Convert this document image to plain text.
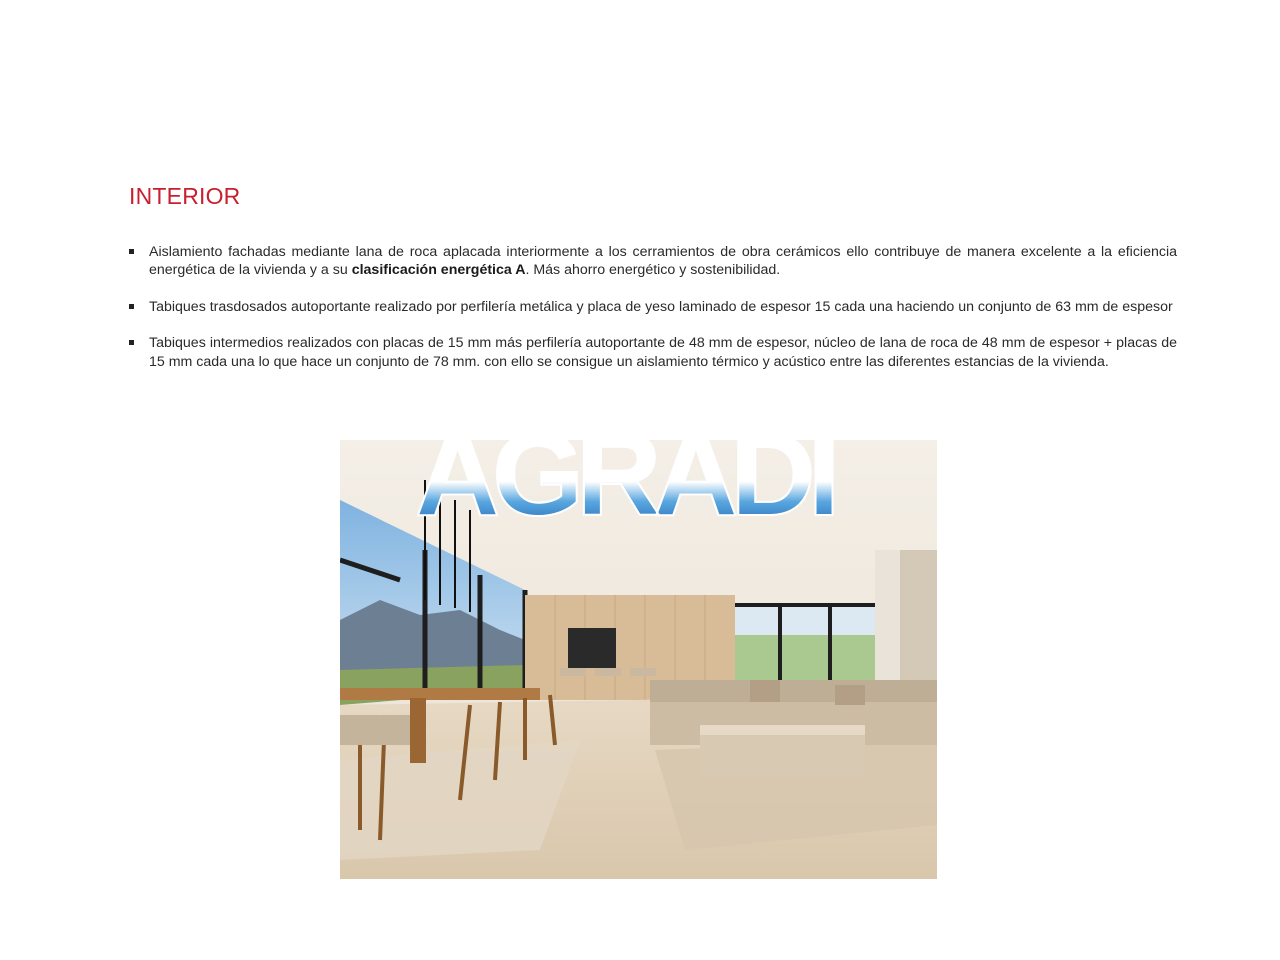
INTERIOR
Aislamiento fachadas mediante lana de roca aplacada interiormente a los cerramientos de obra cerámicos ello contribuye de manera excelente a la eficiencia energética de la vivienda y a su clasificación energética A. Más ahorro energético y sostenibilidad.
Tabiques trasdosados autoportante realizado por perfilería metálica y placa de yeso laminado de espesor 15 cada una haciendo un conjunto de 63 mm de espesor
Tabiques intermedios realizados con placas de 15 mm más perfilería autoportante de 48 mm de espesor, núcleo de lana de roca de 48 mm de espesor + placas de 15 mm cada una lo que hace un conjunto de 78 mm. con ello se consigue un aislamiento térmico y acústico entre las diferentes estancias de la vivienda.
INQUES
AGRADI
